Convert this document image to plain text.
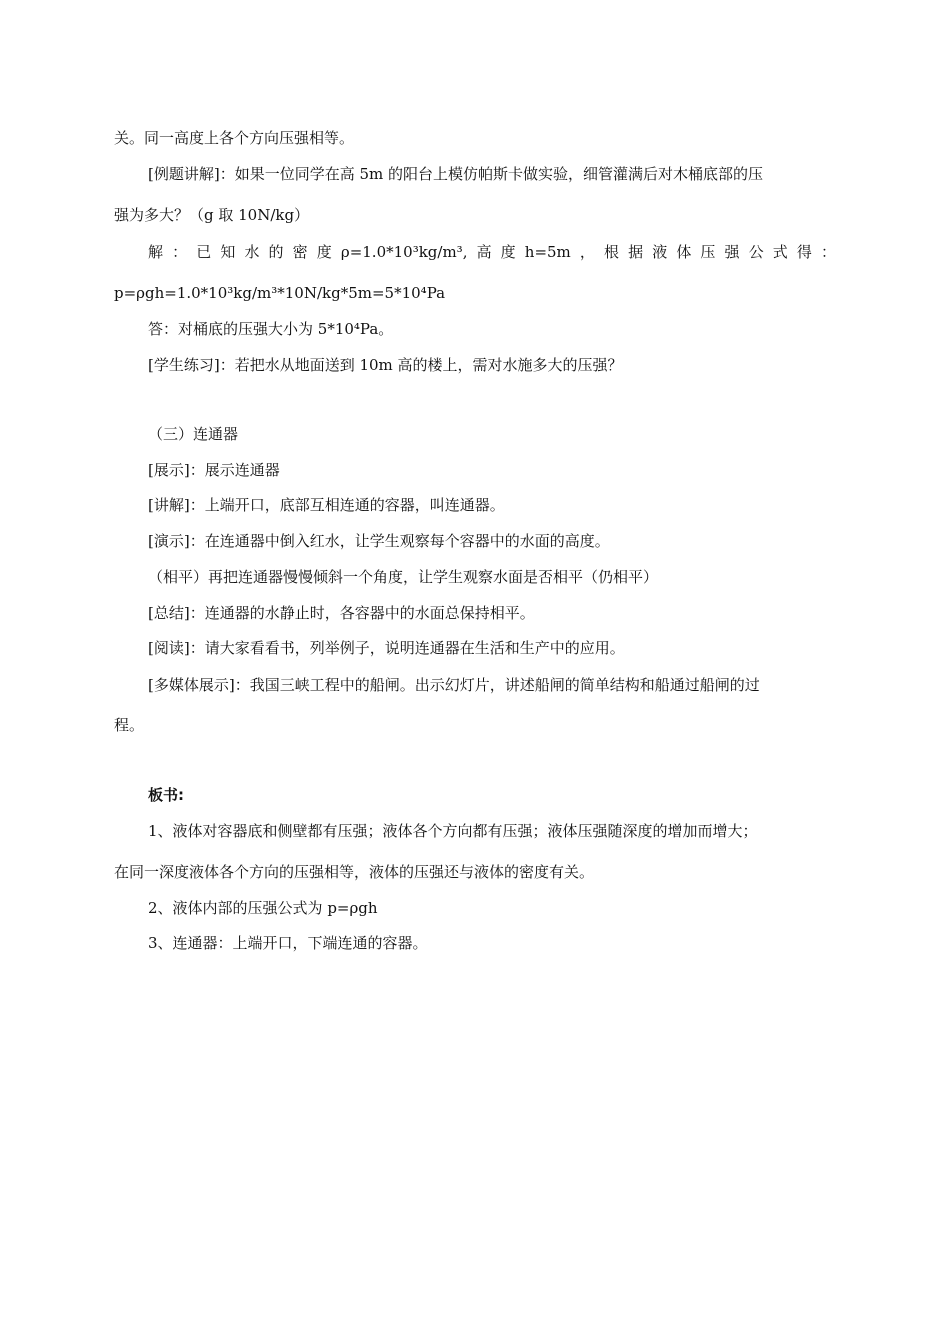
关。同一高度上各个方向压强相等。
[例题讲解]：如果一位同学在高 5m 的阳台上模仿帕斯卡做实验，细管灌满后对木桶底部的压
强为多大？（g 取 10N/kg）
解 ： 已 知 水 的 密 度 ρ=1.0*10³kg/m³, 高 度 h=5m ， 根 据 液 体 压 强 公 式 得 ：
p=ρgh=1.0*10³kg/m³*10N/kg*5m=5*10⁴Pa
答：对桶底的压强大小为 5*10⁴Pa。
[学生练习]：若把水从地面送到 10m 高的楼上，需对水施多大的压强？
（三）连通器
[展示]：展示连通器
[讲解]：上端开口，底部互相连通的容器，叫连通器。
[演示]：在连通器中倒入红水，让学生观察每个容器中的水面的高度。
（相平）再把连通器慢慢倾斜一个角度，让学生观察水面是否相平（仍相平）
[总结]：连通器的水静止时，各容器中的水面总保持相平。
[阅读]：请大家看看书，列举例子，说明连通器在生活和生产中的应用。
[多媒体展示]：我国三峡工程中的船闸。出示幻灯片，讲述船闸的简单结构和船通过船闸的过
程。
板书:
1、液体对容器底和侧壁都有压强；液体各个方向都有压强；液体压强随深度的增加而增大；
在同一深度液体各个方向的压强相等，液体的压强还与液体的密度有关。
2、液体内部的压强公式为 p=ρgh
3、连通器：上端开口，下端连通的容器。
